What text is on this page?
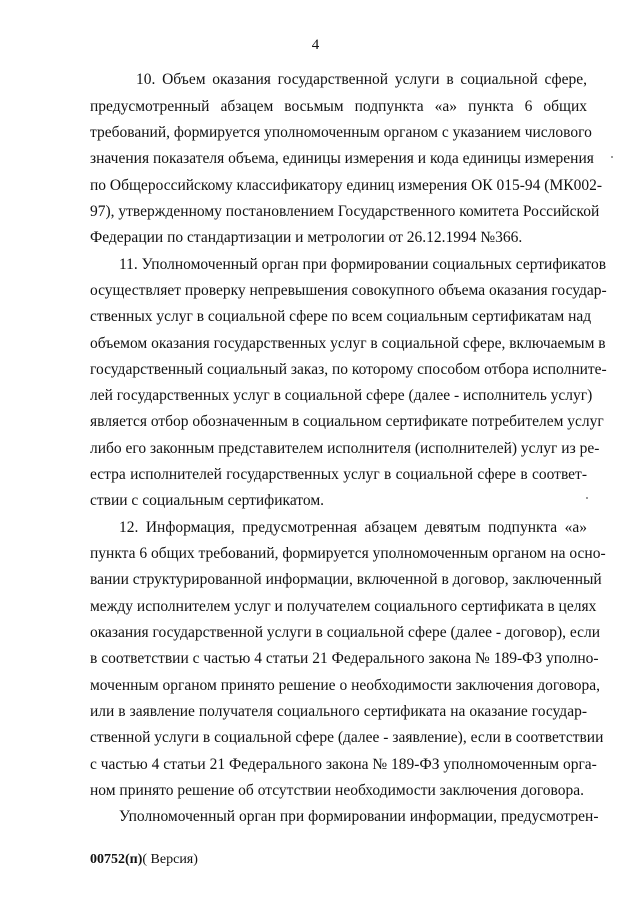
4
10. Объем оказания государственной услуги в социальной сфере,
предусмотренный абзацем восьмым подпункта «а» пункта 6 общих
требований, формируется уполномоченным органом с указанием числового
значения показателя объема, единицы измерения и кода единицы измерения
по Общероссийскому классификатору единиц измерения ОК 015-94 (МК002-
97), утвержденному постановлением Государственного комитета Российской
Федерации по стандартизации и метрологии от 26.12.1994 №366.
11. Уполномоченный орган при формировании социальных сертификатов
осуществляет проверку непревышения совокупного объема оказания государ-
ственных услуг в социальной сфере по всем социальным сертификатам над
объемом оказания государственных услуг в социальной сфере, включаемым в
государственный социальный заказ, по которому способом отбора исполните-
лей государственных услуг в социальной сфере (далее - исполнитель услуг)
является отбор обозначенным в социальном сертификате потребителем услуг
либо его законным представителем исполнителя (исполнителей) услуг из ре-
естра исполнителей государственных услуг в социальной сфере в соответ-
ствии с социальным сертификатом.
12. Информация, предусмотренная абзацем девятым подпункта «а»
пункта 6 общих требований, формируется уполномоченным органом на осно-
вании структурированной информации, включенной в договор, заключенный
между исполнителем услуг и получателем социального сертификата в целях
оказания государственной услуги в социальной сфере (далее - договор), если
в соответствии с частью 4 статьи 21 Федерального закона № 189-ФЗ уполно-
моченным органом принято решение о необходимости заключения договора,
или в заявление получателя социального сертификата на оказание государ-
ственной услуги в социальной сфере (далее - заявление), если в соответствии
с частью 4 статьи 21 Федерального закона № 189-ФЗ уполномоченным орга-
ном принято решение об отсутствии необходимости заключения договора.
Уполномоченный орган при формировании информации, предусмотрен-
00752(п)( Версия)
